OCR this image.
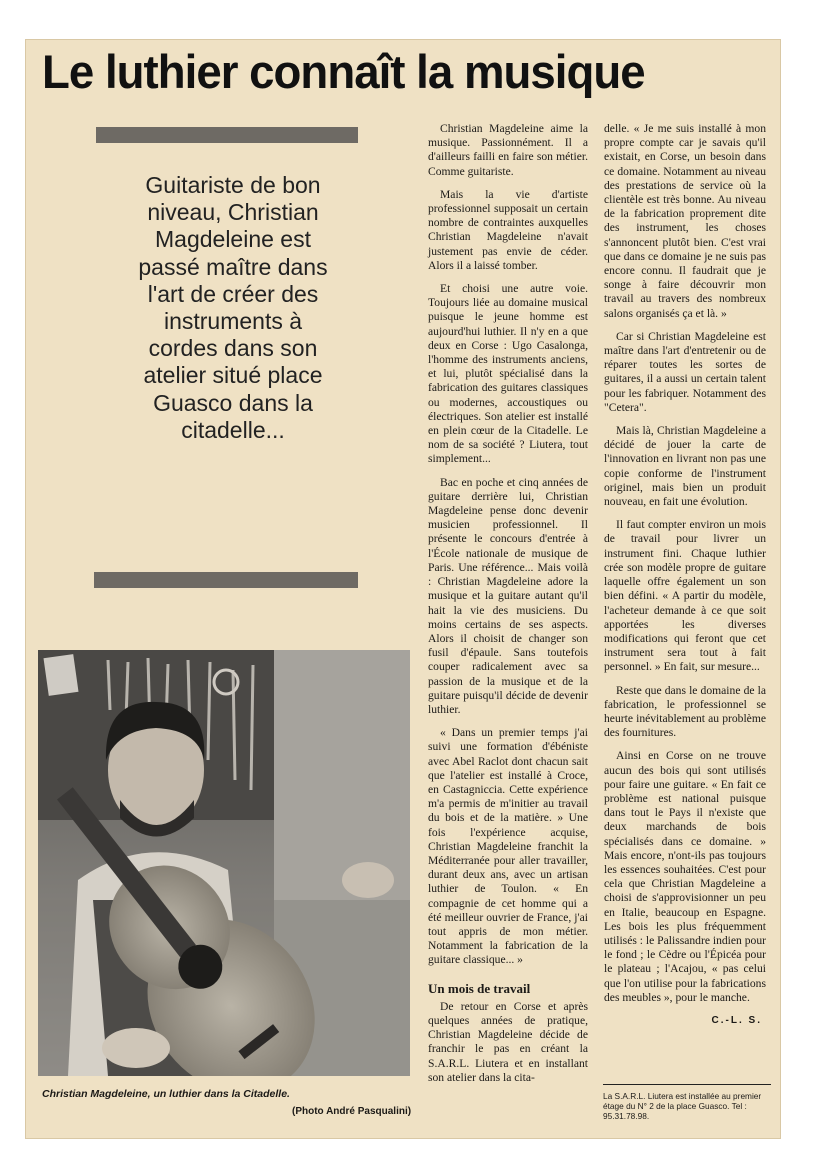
Le luthier connaît la musique
Guitariste de bon niveau, Christian Magdeleine est passé maître dans l'art de créer des instruments à cordes dans son atelier situé place Guasco dans la citadelle...

Christian Magdeleine aime la musique. Passionnément. Il a d'ailleurs failli en faire son métier. Comme guitariste.

Mais la vie d'artiste professionnel supposait un certain nombre de contraintes auxquelles Christian Magdeleine n'avait justement pas envie de céder. Alors il a laissé tomber.

Et choisi une autre voie. Toujours liée au domaine musical puisque le jeune homme est aujourd'hui luthier. Il n'y en a que deux en Corse : Ugo Casalonga, l'homme des instruments anciens, et lui, plutôt spécialisé dans la fabrication des guitares classiques ou modernes, accoustiques ou électriques. Son atelier est installé en plein cœur de la Citadelle. Le nom de sa société ? Liutera, tout simplement...

Bac en poche et cinq années de guitare derrière lui, Christian Magdeleine pense donc devenir musicien professionnel. Il présente le concours d'entrée à l'École nationale de musique de Paris. Une référence... Mais voilà : Christian Magdeleine adore la musique et la guitare autant qu'il hait la vie des musiciens. Du moins certains de ses aspects. Alors il choisit de changer son fusil d'épaule. Sans toutefois couper radicalement avec sa passion de la musique et de la guitare puisqu'il décide de devenir luthier.

« Dans un premier temps j'ai suivi une formation d'ébéniste avec Abel Raclot dont chacun sait que l'atelier est installé à Croce, en Castagniccia. Cette expérience m'a permis de m'initier au travail du bois et de la matière. » Une fois l'expérience acquise, Christian Magdeleine franchit la Méditerranée pour aller travailler, durant deux ans, avec un artisan luthier de Toulon. « En compagnie de cet homme qui a été meilleur ouvrier de France, j'ai tout appris de mon métier. Notamment la fabrication de la guitare classique... »

Un mois de travail

De retour en Corse et après quelques années de pratique, Christian Magdeleine décide de franchir le pas en créant la S.A.R.L. Liutera et en installant son atelier dans la cita-

delle. « Je me suis installé à mon propre compte car je savais qu'il existait, en Corse, un besoin dans ce domaine. Notamment au niveau des prestations de service où la clientèle est très bonne. Au niveau de la fabrication proprement dite des instrument, les choses s'annoncent plutôt bien. C'est vrai que dans ce domaine je ne suis pas encore connu. Il faudrait que je songe à faire découvrir mon travail au travers des nombreux salons organisés ça et là. »

Car si Christian Magdeleine est maître dans l'art d'entretenir ou de réparer toutes les sortes de guitares, il a aussi un certain talent pour les fabriquer. Notamment des "Cetera".

Mais là, Christian Magdeleine a décidé de jouer la carte de l'innovation en livrant non pas une copie conforme de l'instrument originel, mais bien un produit nouveau, en fait une évolution.

Il faut compter environ un mois de travail pour livrer un instrument fini. Chaque luthier crée son modèle propre de guitare laquelle offre également un son bien défini. « A partir du modèle, l'acheteur demande à ce que soit apportées les diverses modifications qui feront que cet instrument sera tout à fait personnel. » En fait, sur mesure...

Reste que dans le domaine de la fabrication, le professionnel se heurte inévitablement au problème des fournitures.

Ainsi en Corse on ne trouve aucun des bois qui sont utilisés pour faire une guitare. « En fait ce problème est national puisque dans tout le Pays il n'existe que deux marchands de bois spécialisés dans ce domaine. » Mais encore, n'ont-ils pas toujours les essences souhaitées. C'est pour cela que Christian Magdeleine a choisi de s'approvisionner un peu en Italie, beaucoup en Espagne. Les bois les plus fréquemment utilisés : le Palissandre indien pour le fond ; le Cèdre ou l'Épicéa pour le plateau ; l'Acajou, « pas celui que l'on utilise pour la fabrications des meubles », pour le manche.

C.-L. S.

La S.A.R.L. Liutera est installée au premier étage du N° 2 de la place Guasco. Tel : 95.31.78.98.
Christian Magdeleine, un luthier dans la Citadelle.
(Photo André Pasqualini)
